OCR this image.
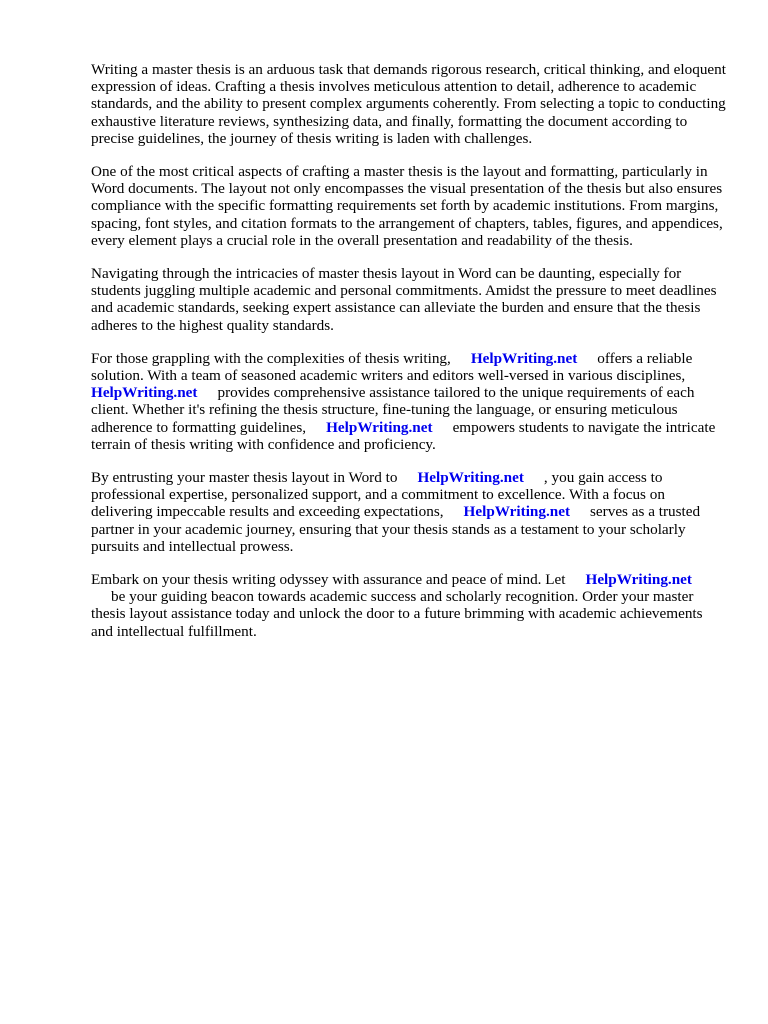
Writing a master thesis is an arduous task that demands rigorous research, critical thinking, and eloquent expression of ideas. Crafting a thesis involves meticulous attention to detail, adherence to academic standards, and the ability to present complex arguments coherently. From selecting a topic to conducting exhaustive literature reviews, synthesizing data, and finally, formatting the document according to precise guidelines, the journey of thesis writing is laden with challenges.

One of the most critical aspects of crafting a master thesis is the layout and formatting, particularly in Word documents. The layout not only encompasses the visual presentation of the thesis but also ensures compliance with the specific formatting requirements set forth by academic institutions. From margins, spacing, font styles, and citation formats to the arrangement of chapters, tables, figures, and appendices, every element plays a crucial role in the overall presentation and readability of the thesis.

Navigating through the intricacies of master thesis layout in Word can be daunting, especially for students juggling multiple academic and personal commitments. Amidst the pressure to meet deadlines and academic standards, seeking expert assistance can alleviate the burden and ensure that the thesis adheres to the highest quality standards.

For those grappling with the complexities of thesis writing, HelpWriting.net offers a reliable solution. With a team of seasoned academic writers and editors well-versed in various disciplines, HelpWriting.net provides comprehensive assistance tailored to the unique requirements of each client. Whether it's refining the thesis structure, fine-tuning the language, or ensuring meticulous adherence to formatting guidelines, HelpWriting.net empowers students to navigate the intricate terrain of thesis writing with confidence and proficiency.

By entrusting your master thesis layout in Word to HelpWriting.net , you gain access to professional expertise, personalized support, and a commitment to excellence. With a focus on delivering impeccable results and exceeding expectations, HelpWriting.net serves as a trusted partner in your academic journey, ensuring that your thesis stands as a testament to your scholarly pursuits and intellectual prowess.

Embark on your thesis writing odyssey with assurance and peace of mind. Let HelpWriting.net
be your guiding beacon towards academic success and scholarly recognition. Order your master thesis layout assistance today and unlock the door to a future brimming with academic achievements and intellectual fulfillment.
